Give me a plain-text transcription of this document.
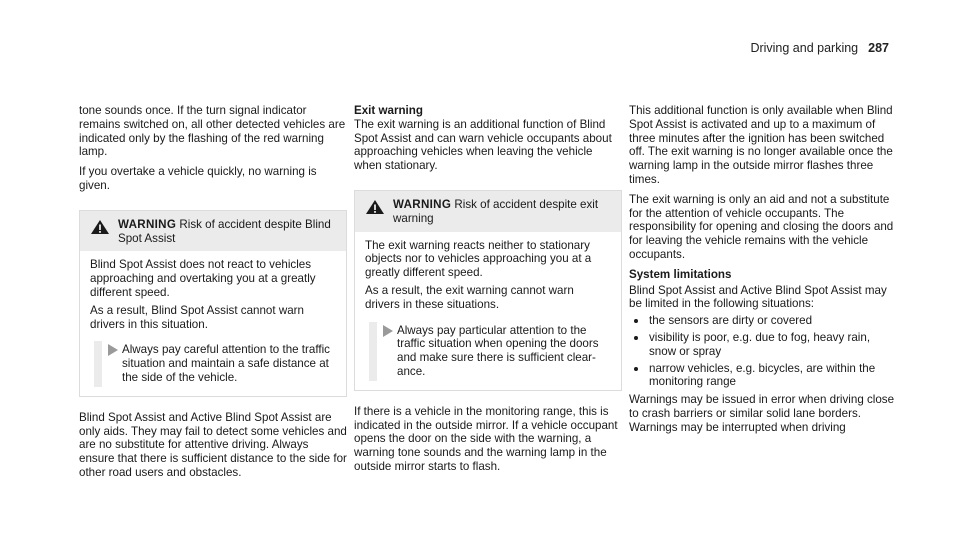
Driving and parking 287

tone sounds once. If the turn signal indicator remains switched on, all other detected vehicles are indicated only by the flashing of the red warning lamp.

If you overtake a vehicle quickly, no warning is given.

WARNING Risk of accident despite Blind Spot Assist

Blind Spot Assist does not react to vehicles approaching and overtaking you at a greatly different speed.

As a result, Blind Spot Assist cannot warn drivers in this situation.

Always pay careful attention to the traffic situation and maintain a safe distance at the side of the vehicle.

Blind Spot Assist and Active Blind Spot Assist are only aids. They may fail to detect some vehicles and are no substitute for attentive driving. Always ensure that there is sufficient distance to the side for other road users and obstacles.

Exit warning

The exit warning is an additional function of Blind Spot Assist and can warn vehicle occupants about approaching vehicles when leaving the vehicle when stationary.

WARNING Risk of accident despite exit warning

The exit warning reacts neither to stationary objects nor to vehicles approaching you at a greatly different speed.

As a result, the exit warning cannot warn drivers in these situations.

Always pay particular attention to the traffic situation when opening the doors and make sure there is sufficient clearance.

If there is a vehicle in the monitoring range, this is indicated in the outside mirror. If a vehicle occupant opens the door on the side with the warning, a warning tone sounds and the warning lamp in the outside mirror starts to flash.

This additional function is only available when Blind Spot Assist is activated and up to a maximum of three minutes after the ignition has been switched off. The exit warning is no longer available once the warning lamp in the outside mirror flashes three times.

The exit warning is only an aid and not a substitute for the attention of vehicle occupants. The responsibility for opening and closing the doors and for leaving the vehicle remains with the vehicle occupants.

System limitations

Blind Spot Assist and Active Blind Spot Assist may be limited in the following situations:

the sensors are dirty or covered
visibility is poor, e.g. due to fog, heavy rain, snow or spray
narrow vehicles, e.g. bicycles, are within the monitoring range

Warnings may be issued in error when driving close to crash barriers or similar solid lane borders. Warnings may be interrupted when driving
